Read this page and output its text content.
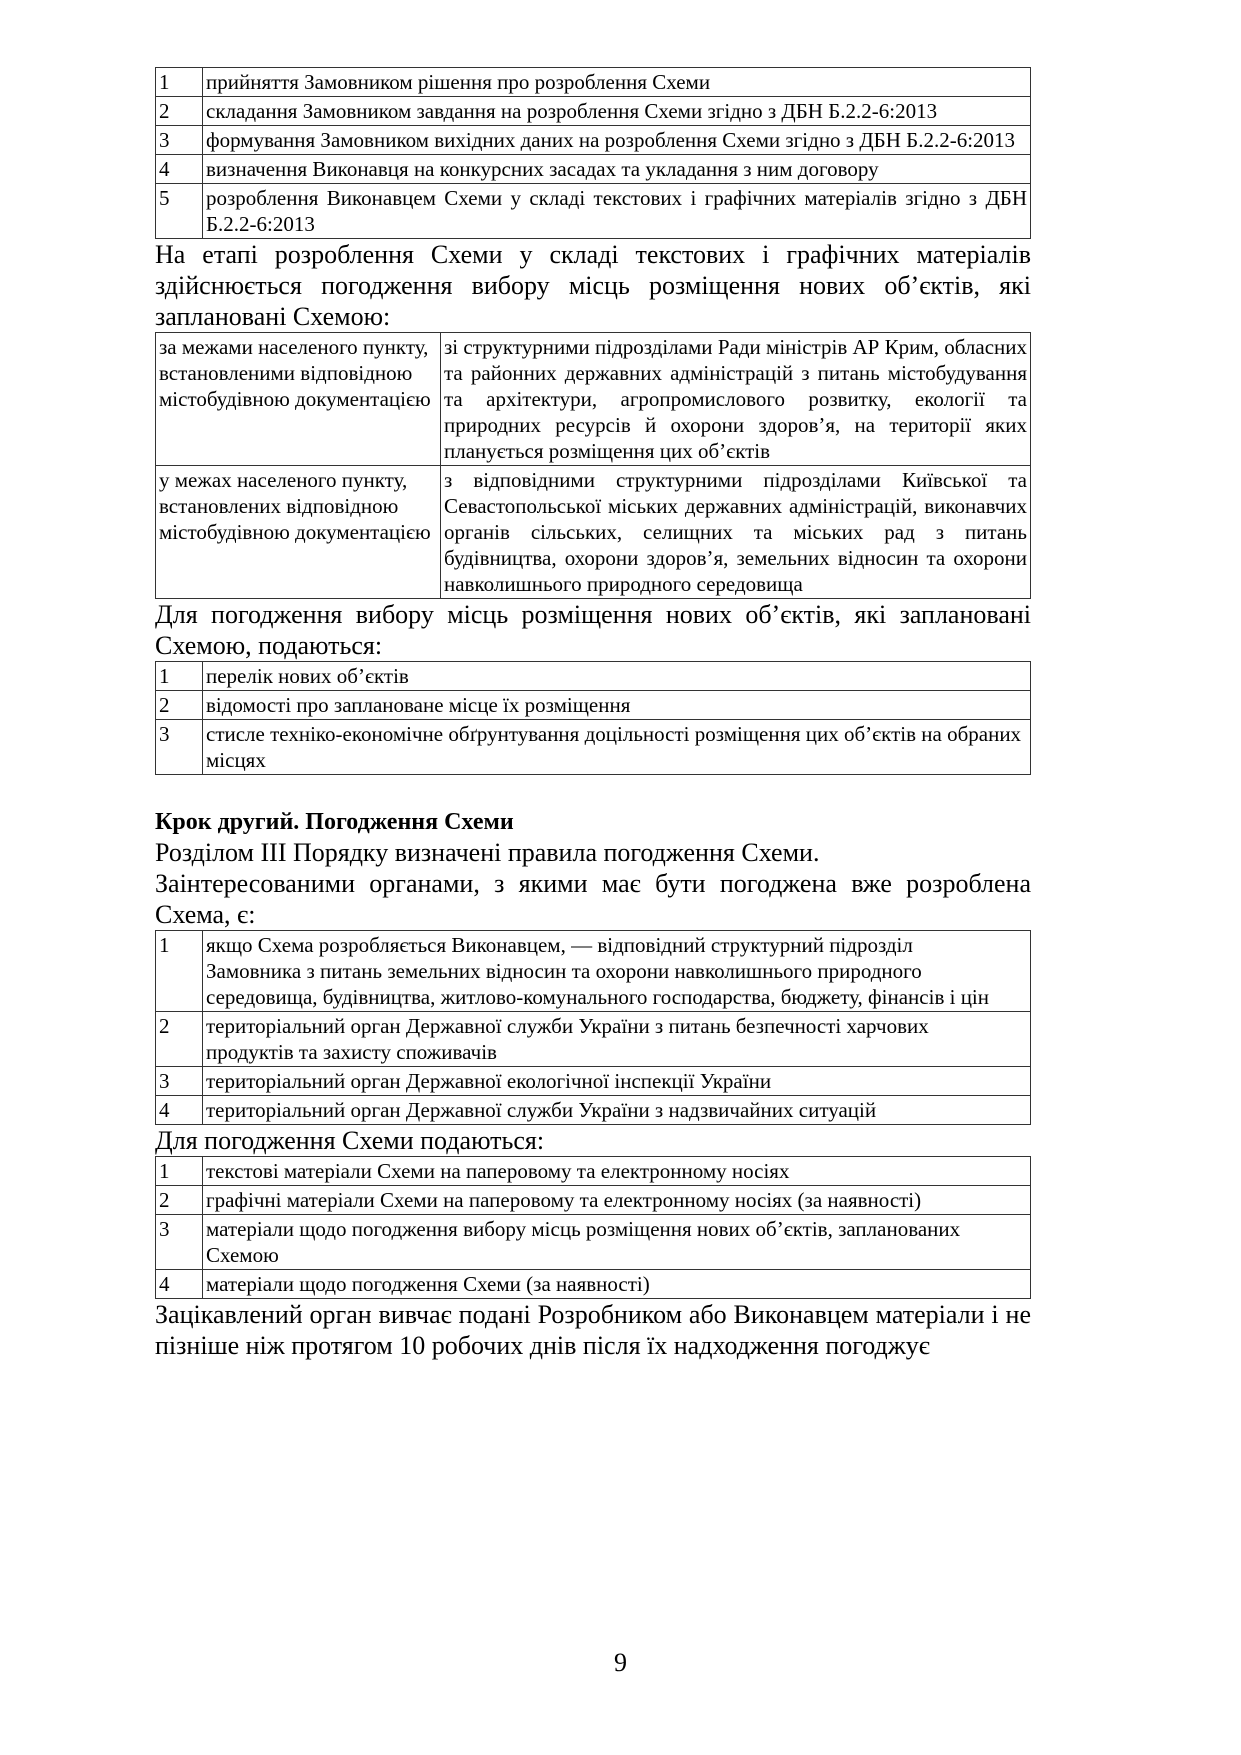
1	прийняття Замовником рішення про розроблення Схеми
2	складання Замовником завдання на розроблення Схеми згідно з ДБН Б.2.2-6:2013
3	формування Замовником вихідних даних на розроблення Схеми згідно з ДБН Б.2.2-6:2013
4	визначення Виконавця на конкурсних засадах та укладання з ним договору
5	розроблення Виконавцем Схеми у складі текстових і графічних матеріалів згідно з ДБН Б.2.2-6:2013

На етапі розроблення Схеми у складі текстових і графічних матеріалів здійснюється погодження вибору місць розміщення нових об’єктів, які заплановані Схемою:

за межами населеного пункту, встановленими відповідною містобудівною документацією	зі структурними підрозділами Ради міністрів АР Крим, обласних та районних державних адміністрацій з питань містобудування та архітектури, агропромислового розвитку, екології та природних ресурсів й охорони здоров’я, на території яких планується розміщення цих об’єктів
у межах населеного пункту, встановлених відповідною містобудівною документацією	з відповідними структурними підрозділами Київської та Севастопольської міських державних адміністрацій, виконавчих органів сільських, селищних та міських рад з питань будівництва, охорони здоров’я, земельних відносин та охорони навколишнього природного середовища

Для погодження вибору місць розміщення нових об’єктів, які заплановані Схемою, подаються:

1	перелік нових об’єктів
2	відомості про заплановане місце їх розміщення
3	стисле техніко-економічне обґрунтування доцільності розміщення цих об’єктів на обраних місцях
Крок другий. Погодження Схеми

Розділом III Порядку визначені правила погодження Схеми.

Заінтересованими органами, з якими має бути погоджена вже розроблена Схема, є:

1	якщо Схема розробляється Виконавцем, — відповідний структурний підрозділ Замовника з питань земельних відносин та охорони навколишнього природного середовища, будівництва, житлово-комунального господарства, бюджету, фінансів і цін
2	територіальний орган Державної служби України з питань безпечності харчових продуктів та захисту споживачів
3	територіальний орган Державної екологічної інспекції України
4	територіальний орган Державної служби України з надзвичайних ситуацій

Для погодження Схеми подаються:

1	текстові матеріали Схеми на паперовому та електронному носіях
2	графічні матеріали Схеми на паперовому та електронному носіях (за наявності)
3	матеріали щодо погодження вибору місць розміщення нових об’єктів, запланованих Схемою
4	матеріали щодо погодження Схеми (за наявності)

Зацікавлений орган вивчає подані Розробником або Виконавцем матеріали і не пізніше ніж протягом 10 робочих днів після їх надходження погоджує

9
